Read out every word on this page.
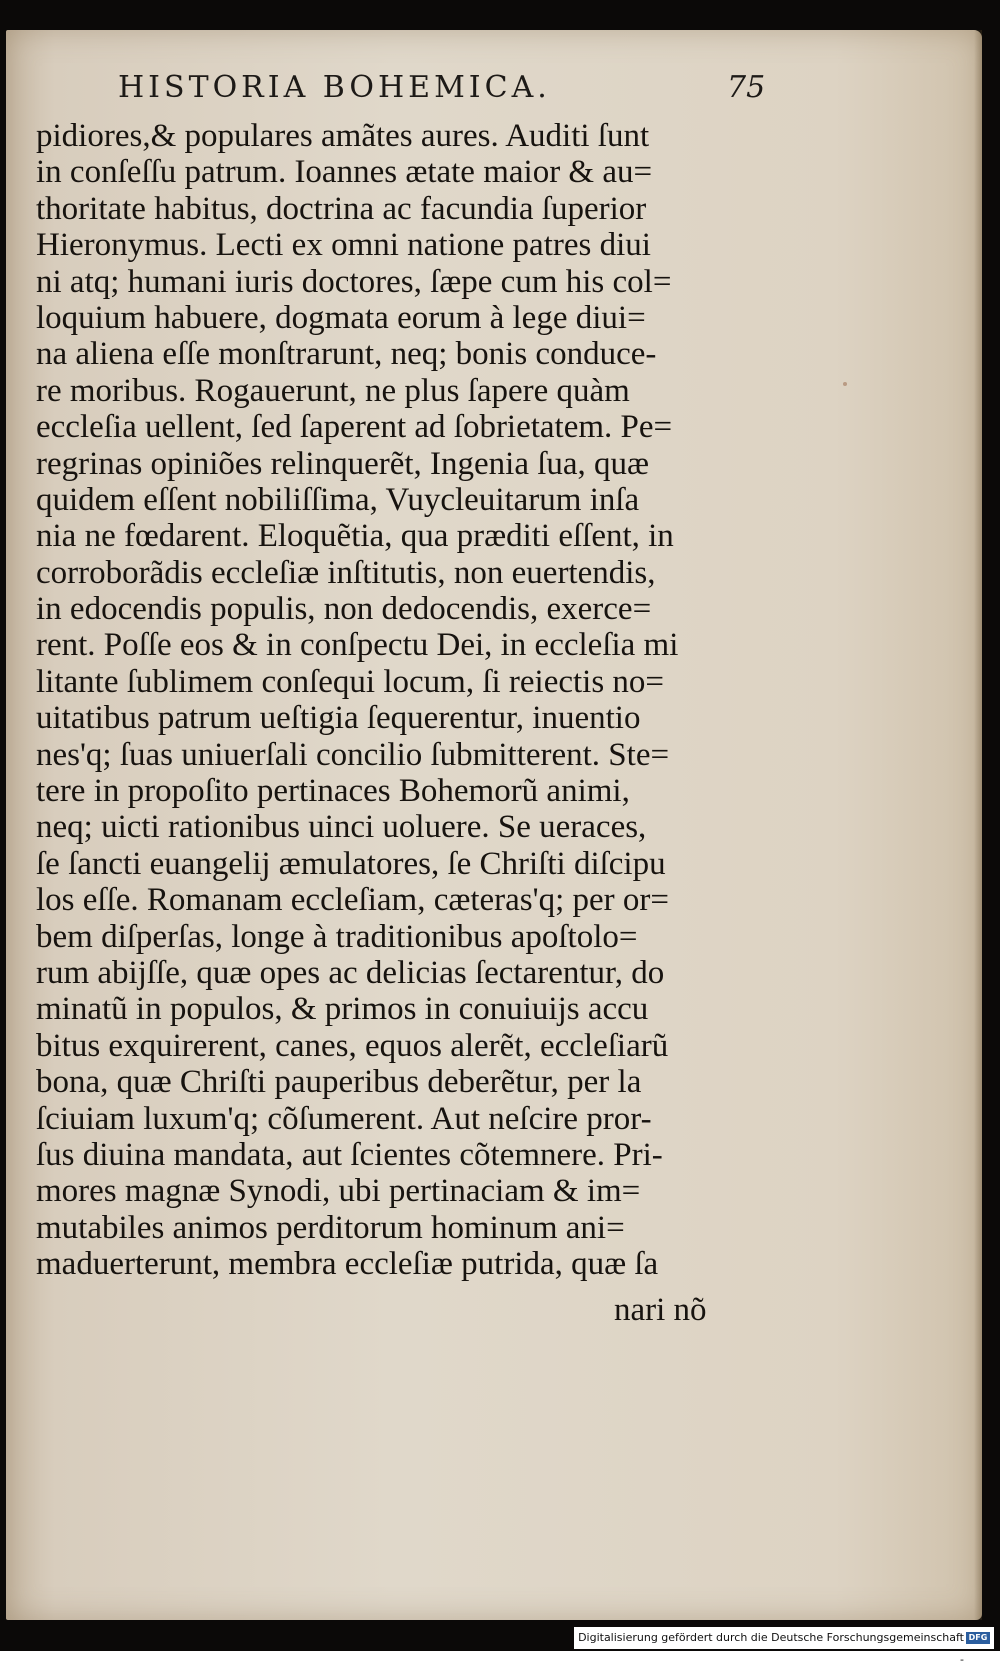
HISTORIA BOHEMICA.	75
pidiores,& populares amãtes aures. Auditi ſunt
in conſeſſu patrum. Ioannes ætate maior & au=
thoritate habitus, doctrina ac facundia ſuperior
Hieronymus. Lecti ex omni natione patres diui
ni atq; humani iuris doctores, ſæpe cum his col=
loquium habuere, dogmata eorum à lege diui=
na aliena eſſe monſtrarunt, neq; bonis conduce-
re moribus. Rogauerunt, ne plus ſapere quàm
eccleſia uellent, ſed ſaperent ad ſobrietatem. Pe=
regrinas opiniões relinquerẽt, Ingenia ſua, quæ
quidem eſſent nobiliſſima, Vuycleuitarum inſa
nia ne fœdarent. Eloquẽtia, qua præditi eſſent, in
corroborãdis eccleſiæ inſtitutis, non euertendis,
in edocendis populis, non dedocendis, exerce=
rent. Poſſe eos & in conſpectu Dei, in eccleſia mi
litante ſublimem conſequi locum, ſi reiectis no=
uitatibus patrum ueſtigia ſequerentur, inuentio
nes'q; ſuas uniuerſali concilio ſubmitterent. Ste=
tere in propoſito pertinaces Bohemorũ animi,
neq; uicti rationibus uinci uoluere. Se ueraces,
ſe ſancti euangelij æmulatores, ſe Chriſti diſcipu
los eſſe. Romanam eccleſiam, cæteras'q; per or=
bem diſperſas, longe à traditionibus apoſtolo=
rum abijſſe, quæ opes ac delicias ſectarentur, do
minatũ in populos, & primos in conuiuijs accu
bitus exquirerent, canes, equos alerẽt, eccleſiarũ
bona, quæ Chriſti pauperibus deberẽtur, per la
ſciuiam luxum'q; cõſumerent. Aut neſcire pror-
ſus diuina mandata, aut ſcientes cõtemnere. Pri-
mores magnæ Synodi, ubi pertinaciam & im=
mutabiles animos perditorum hominum ani=
maduerterunt, membra eccleſiæ putrida, quæ ſa
nari nõ
Digitalisierung gefördert durch die Deutsche Forschungsgemeinschaft -
DFG
